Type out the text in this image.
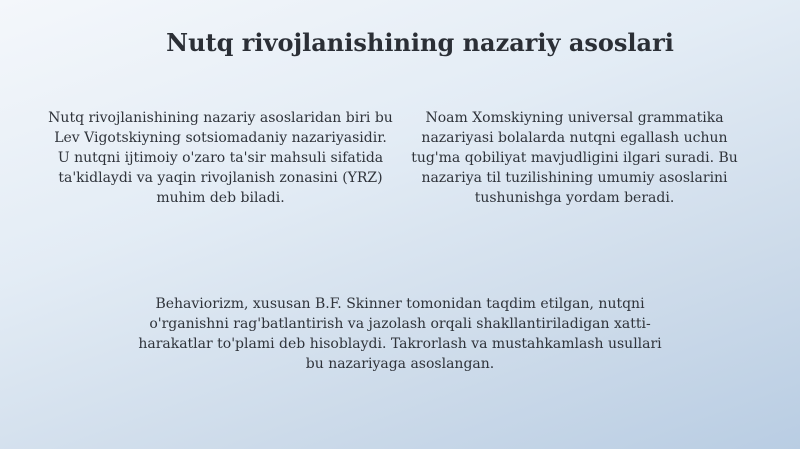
Nutq rivojlanishining nazariy asoslari

Nutq rivojlanishining nazariy asoslaridan biri bu Lev Vigotskiyning sotsiomadaniy nazariyasidir. U nutqni ijtimoiy o'zaro ta'sir mahsuli sifatida ta'kidlaydi va yaqin rivojlanish zonasini (YRZ) muhim deb biladi.

Noam Xomskiyning universal grammatika nazariyasi bolalarda nutqni egallash uchun tug'ma qobiliyat mavjudligini ilgari suradi. Bu nazariya til tuzilishining umumiy asoslarini tushunishga yordam beradi.

Behaviorizm, xususan B.F. Skinner tomonidan taqdim etilgan, nutqni o'rganishni rag'batlantirish va jazolash orqali shakllantiriladigan xatti-harakatlar to'plami deb hisoblaydi. Takrorlash va mustahkamlash usullari bu nazariyaga asoslangan.
